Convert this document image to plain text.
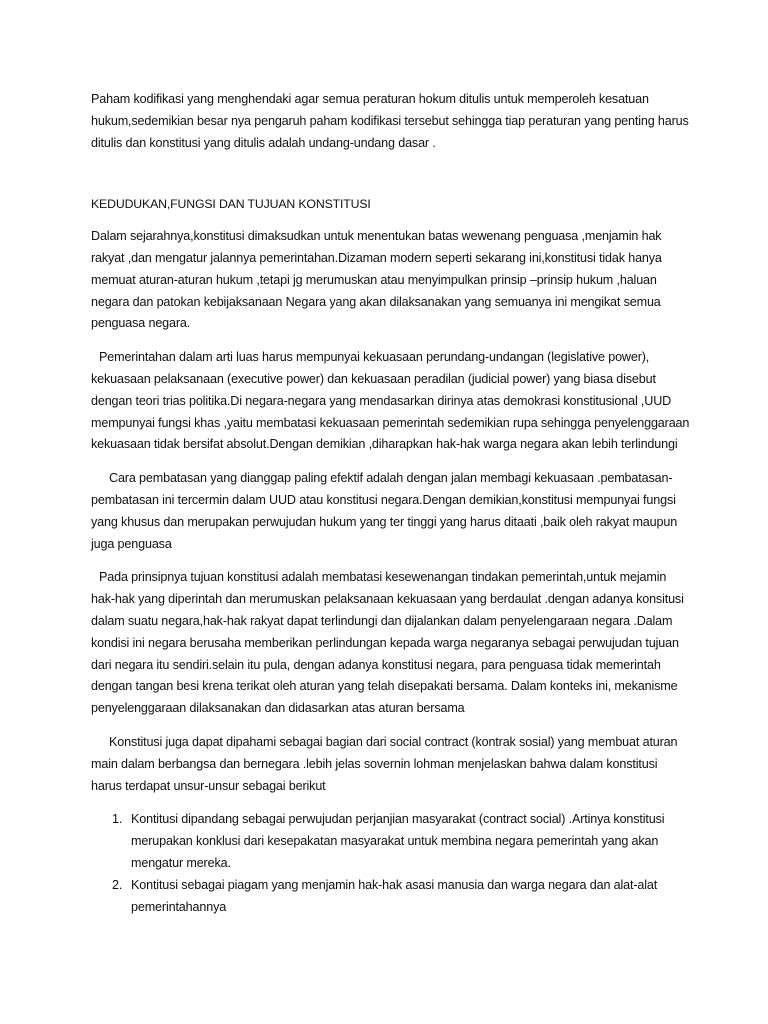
Paham kodifikasi yang menghendaki agar semua peraturan hokum ditulis untuk memperoleh kesatuan hukum,sedemikian besar nya pengaruh paham kodifikasi tersebut sehingga tiap peraturan yang penting harus ditulis dan konstitusi yang ditulis adalah undang-undang dasar .

KEDUDUKAN,FUNGSI DAN TUJUAN KONSTITUSI

Dalam sejarahnya,konstitusi dimaksudkan untuk menentukan batas wewenang penguasa ,menjamin hak rakyat ,dan mengatur jalannya pemerintahan.Dizaman modern seperti sekarang ini,konstitusi tidak hanya memuat aturan-aturan hukum ,tetapi jg merumuskan atau menyimpulkan prinsip –prinsip hukum ,haluan negara dan patokan kebijaksanaan Negara yang akan dilaksanakan yang semuanya ini mengikat semua penguasa negara.

Pemerintahan dalam arti luas harus mempunyai kekuasaan perundang-undangan (legislative power), kekuasaan pelaksanaan (executive power) dan kekuasaan peradilan (judicial power) yang biasa disebut dengan teori trias politika.Di negara-negara yang mendasarkan dirinya atas demokrasi konstitusional ,UUD mempunyai fungsi khas ,yaitu membatasi kekuasaan pemerintah sedemikian rupa sehingga penyelenggaraan kekuasaan tidak bersifat absolut.Dengan demikian ,diharapkan hak-hak warga negara akan lebih terlindungi

Cara pembatasan yang dianggap paling efektif adalah dengan jalan membagi kekuasaan .pembatasan-pembatasan ini tercermin dalam UUD atau konstitusi negara.Dengan demikian,konstitusi mempunyai fungsi yang khusus dan merupakan perwujudan hukum yang ter tinggi yang harus ditaati ,baik oleh rakyat maupun juga penguasa

Pada prinsipnya tujuan konstitusi adalah membatasi kesewenangan tindakan pemerintah,untuk mejamin hak-hak yang diperintah dan merumuskan pelaksanaan kekuasaan yang berdaulat .dengan adanya konsitusi dalam suatu negara,hak-hak rakyat dapat terlindungi dan dijalankan dalam penyelengaraan negara .Dalam kondisi ini negara berusaha memberikan perlindungan kepada warga negaranya sebagai perwujudan tujuan dari negara itu sendiri.selain itu pula, dengan adanya konstitusi negara, para penguasa tidak memerintah dengan tangan besi krena terikat oleh aturan yang telah disepakati bersama. Dalam konteks ini, mekanisme penyelenggaraan dilaksanakan dan didasarkan atas aturan bersama

Konstitusi juga dapat dipahami sebagai bagian dari social contract (kontrak sosial) yang membuat aturan main dalam berbangsa dan bernegara .lebih jelas sovernin lohman menjelaskan bahwa dalam konstitusi harus terdapat unsur-unsur sebagai berikut

1. Kontitusi dipandang sebagai perwujudan perjanjian masyarakat (contract social) .Artinya konstitusi merupakan konklusi dari kesepakatan masyarakat untuk membina negara pemerintah yang akan mengatur mereka.
2. Kontitusi sebagai piagam yang menjamin hak-hak asasi manusia dan warga negara dan alat-alat pemerintahannya
